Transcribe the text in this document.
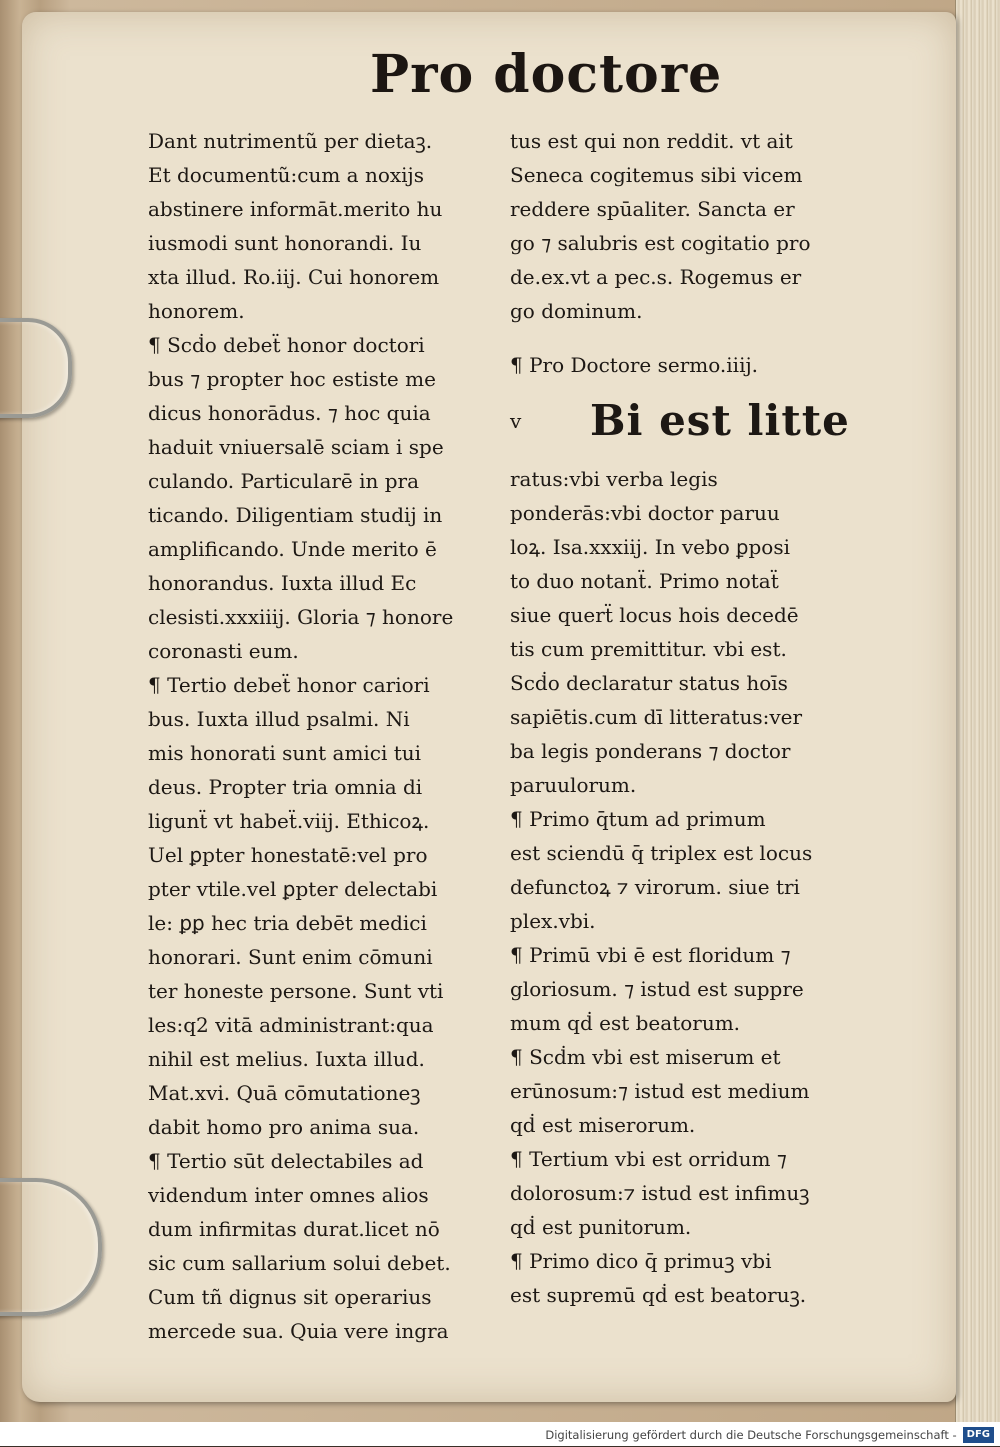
Pro doctore
Dant nutrimentũ per dietaꝫ.
Et documentũ:cum a noxijs
abstinere informāt.merito hu
iusmodi sunt honorandi. Iu
xta illud. Ro.iij. Cui honorem
honorem.
¶ Scḋo debeẗ honor doctori
bus ⁊ propter hoc estiste me
dicus honorādus. ⁊ hoc quia
haduit vniuersalē sciam i spe
culando. Particularē in pra
ticando. Diligentiam studij in
amplificando. Unde merito ē
honorandus. Iuxta illud Ec
clesisti.xxxiiij. Gloria ⁊ honore
coronasti eum.
¶ Tertio debeẗ honor cariori
bus. Iuxta illud psalmi. Ni
mis honorati sunt amici tui
deus. Propter tria omnia di
ligunẗ vt habeẗ.viij. Ethicoꝝ.
Uel ꝑpter honestatē:vel pro
pter vtile.vel ꝑpter delectabi
le: ꝑꝑ hec tria debēt medici
honorari. Sunt enim cōmuni
ter honeste persone. Sunt vti
les:q2 vitā administrant:qua
nihil est melius. Iuxta illud.
Mat.xvi. Quā cōmutationeꝫ
dabit homo pro anima sua.
¶ Tertio sūt delectabiles ad
videndum inter omnes alios
dum infirmitas durat.licet nō
sic cum sallarium solui debet.
Cum tñ dignus sit operarius
mercede sua. Quia vere ingra
tus est qui non reddit. vt ait
Seneca cogitemus sibi vicem
reddere spūaliter. Sancta er
go ⁊ salubris est cogitatio pro
de.ex.vt a pec.s. Rogemus er
go dominum.
¶ Pro Doctore sermo.iiij.
v Bi est litte
ratus:vbi verba legis
ponderās:vbi doctor paruu
loꝝ. Isa.xxxiij. In vebo ꝑposi
to duo notanẗ. Primo notaẗ
siue querẗ locus hois decedē
tis cum premittitur. vbi est.
Scḋo declaratur status hoīs
sapiētis.cum dī litteratus:ver
ba legis ponderans ⁊ doctor
paruulorum.
¶ Primo q̄tum ad primum
est sciendū q̄ triplex est locus
defunctoꝝ ⁊ virorum. siue tri
plex.vbi.
¶ Primū vbi ē est floridum ⁊
gloriosum. ⁊ istud est suppre
mum qḋ est beatorum.
¶ Scḋm vbi est miserum et
erūnosum:⁊ istud est medium
qḋ est miserorum.
¶ Tertium vbi est orridum ⁊
dolorosum:⁊ istud est infimuꝫ
qḋ est punitorum.
¶ Primo dico q̄ primuꝫ vbi
est supremū qḋ est beatoruꝫ.
Digitalisierung gefördert durch die Deutsche Forschungsgemeinschaft - DFG
